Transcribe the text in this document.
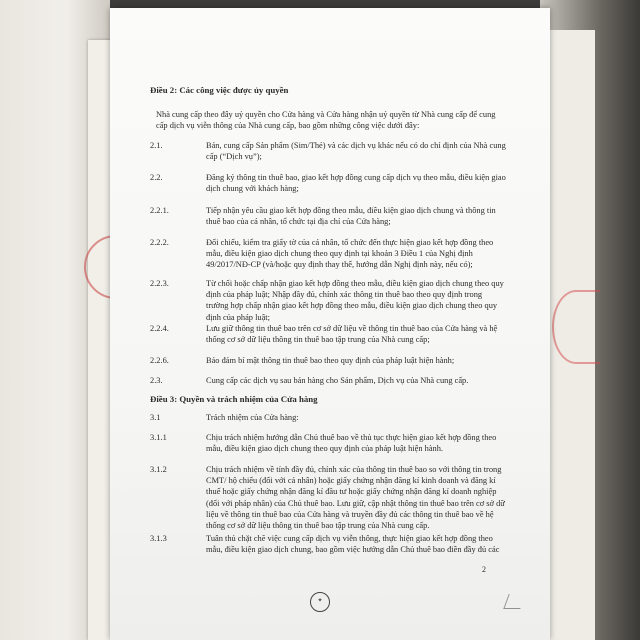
Điều 2: Các công việc được ủy quyền
Nhà cung cấp theo đây uỷ quyền cho Cửa hàng và Cửa hàng nhận uỷ quyền từ Nhà cung cấp để cung cấp dịch vụ viễn thông của Nhà cung cấp, bao gồm những công việc dưới đây:
2.1.	Bán, cung cấp Sản phẩm (Sim/Thẻ) và các dịch vụ khác nếu có do chỉ định của Nhà cung cấp (“Dịch vụ”);
2.2.	Đăng ký thông tin thuê bao, giao kết hợp đồng cung cấp dịch vụ theo mẫu, điều kiện giao dịch chung với khách hàng;
2.2.1.	Tiếp nhận yêu cầu giao kết hợp đồng theo mẫu, điều kiện giao dịch chung và thông tin thuê bao của cá nhân, tổ chức tại địa chỉ của Cửa hàng;
2.2.2.	Đối chiếu, kiểm tra giấy tờ của cá nhân, tổ chức đến thực hiện giao kết hợp đồng theo mẫu, điều kiện giao dịch chung theo quy định tại khoản 3 Điều 1 của Nghị định 49/2017/NĐ-CP (và/hoặc quy định thay thế, hướng dẫn Nghị định này, nếu có);
2.2.3.	Từ chối hoặc chấp nhận giao kết hợp đồng theo mẫu, điều kiện giao dịch chung theo quy định của pháp luật; Nhập đầy đủ, chính xác thông tin thuê bao theo quy định trong trường hợp chấp nhận giao kết hợp đồng theo mẫu, điều kiện giao dịch chung theo quy định của pháp luật;
2.2.4.	Lưu giữ thông tin thuê bao trên cơ sở dữ liệu về thông tin thuê bao của Cửa hàng và hệ thống cơ sở dữ liệu thông tin thuê bao tập trung của Nhà cung cấp;
2.2.6.	Bảo đảm bí mật thông tin thuê bao theo quy định của pháp luật hiện hành;
2.3.	Cung cấp các dịch vụ sau bán hàng cho Sản phẩm, Dịch vụ của Nhà cung cấp.
Điều 3: Quyền và trách nhiệm của Cửa hàng
3.1	Trách nhiệm của Cửa hàng:
3.1.1	Chịu trách nhiệm hướng dẫn Chủ thuê bao về thủ tục thực hiện giao kết hợp đồng theo mẫu, điều kiện giao dịch chung theo quy định của pháp luật hiện hành.
3.1.2	Chịu trách nhiệm về tính đầy đủ, chính xác của thông tin thuê bao so với thông tin trong CMT/ hộ chiếu (đối với cá nhân) hoặc giấy chứng nhận đăng kí kinh doanh và đăng kí thuế hoặc giấy chứng nhận đăng kí đầu tư hoặc giấy chứng nhận đăng kí doanh nghiệp (đối với pháp nhân) của Chủ thuê bao. Lưu giữ, cập nhật thông tin thuê bao trên cơ sở dữ liệu về thông tin thuê bao của Cửa hàng và truyền đầy đủ các thông tin thuê bao về hệ thống cơ sở dữ liệu thông tin thuê bao tập trung của Nhà cung cấp.
3.1.3	Tuân thủ chặt chẽ việc cung cấp dịch vụ viễn thông, thực hiện giao kết hợp đồng theo mẫu, điều kiện giao dịch chung, bao gồm việc hướng dẫn Chủ thuê bao điền đầy đủ các
2
✦
